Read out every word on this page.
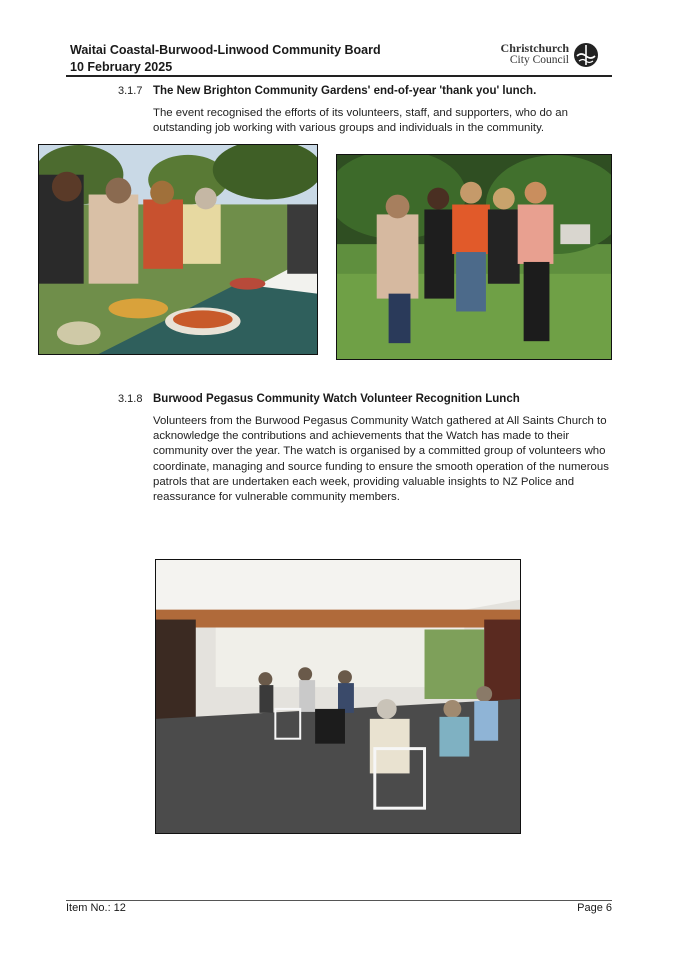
Waitai Coastal-Burwood-Linwood Community Board
10 February 2025
Christchurch
City Council
3.1.7 The New Brighton Community Gardens' end-of-year 'thank you' lunch.

The event recognised the efforts of its volunteers, staff, and supporters, who do an outstanding job working with various groups and individuals in the community.

3.1.8 Burwood Pegasus Community Watch Volunteer Recognition Lunch

Volunteers from the Burwood Pegasus Community Watch gathered at All Saints Church to acknowledge the contributions and achievements that the Watch has made to their community over the year. The watch is organised by a committed group of volunteers who coordinate, managing and source funding to ensure the smooth operation of the numerous patrols that are undertaken each week, providing valuable insights to NZ Police and reassurance for vulnerable community members.

Item No.: 12	Page 6
